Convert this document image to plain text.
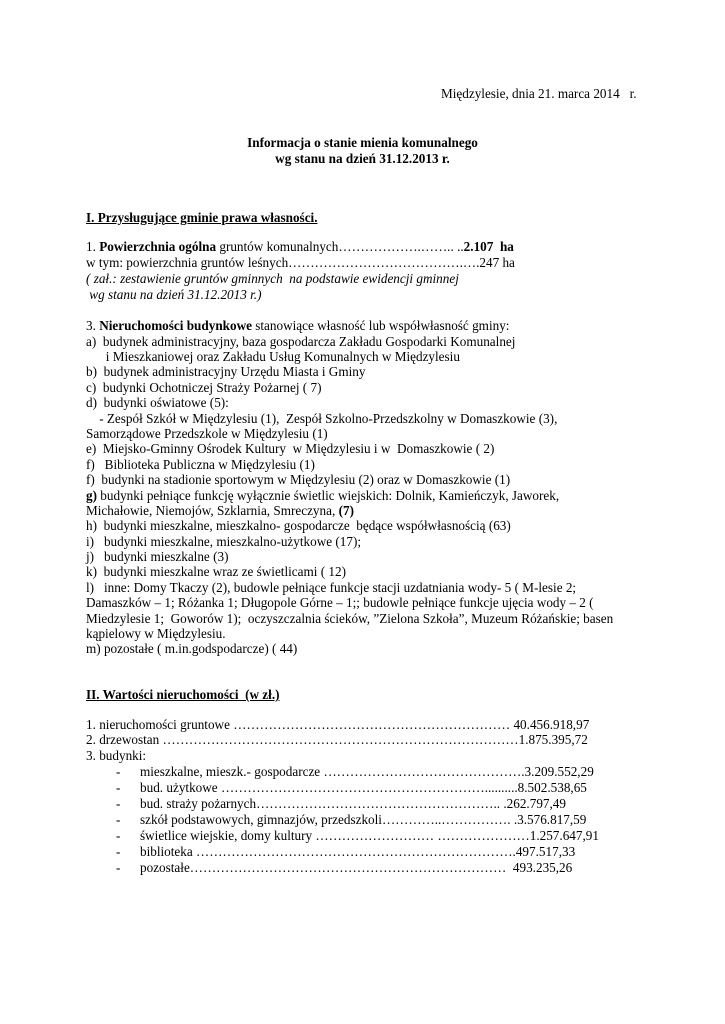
Międzylesie, dnia 21. marca 2014   r.
Informacja o stanie mienia komunalnego
wg stanu na dzień 31.12.2013 r.
I. Przysługujące gminie prawa własności.
1. Powierzchnia ogólna gruntów komunalnych……………….…….. ..2.107  ha
w tym: powierzchnia gruntów leśnych………………………………….….247 ha
( zał.: zestawienie gruntów gminnych  na podstawie ewidencji gminnej
wg stanu na dzień 31.12.2013 r.)
3. Nieruchomości budynkowe stanowiące własność lub współwłasność gminy:
a)  budynek administracyjny, baza gospodarcza Zakładu Gospodarki Komunalnej
i Mieszkaniowej oraz Zakładu Usług Komunalnych w Międzylesiu
b)  budynek administracyjny Urzędu Miasta i Gminy
c)  budynki Ochotniczej Straży Pożarnej ( 7)
d)  budynki oświatowe (5):
- Zespół Szkół w Międzylesiu (1),  Zespół Szkolno-Przedszkolny w Domaszkowie (3),
Samorządowe Przedszkole w Międzylesiu (1)
e)  Miejsko-Gminny Ośrodek Kultury  w Międzylesiu i w  Domaszkowie ( 2)
f)   Biblioteka Publiczna w Międzylesiu (1)
f)  budynki na stadionie sportowym w Międzylesiu (2) oraz w Domaszkowie (1)
g) budynki pełniące funkcję wyłącznie świetlic wiejskich: Dolnik, Kamieńczyk, Jaworek,
Michałowie, Niemojów, Szklarnia, Smreczyna, (7)
h)  budynki mieszkalne, mieszkalno- gospodarcze  będące współwłasnością (63)
i)   budynki mieszkalne, mieszkalno-użytkowe (17);
j)   budynki mieszkalne (3)
k)  budynki mieszkalne wraz ze świetlicami ( 12)
l)   inne: Domy Tkaczy (2), budowle pełniące funkcje stacji uzdatniania wody- 5 ( M-lesie 2;
Damaszków – 1; Różanka 1; Długopole Górne – 1;; budowle pełniące funkcje ujęcia wody – 2 (
Miedzylesie 1;  Goworów 1);  oczyszczalnia ścieków, ”Zielona Szkoła”, Muzeum Różańskie; basen
kąpielowy w Międzylesiu.
m) pozostałe ( m.in.godspodarcze) ( 44)
II. Wartości nieruchomości  (w zł.)
1. nieruchomości gruntowe ……………………………………………………… 40.456.918,97
2. drzewostan ………………………………………………………………………1.875.395,72
3. budynki:
- mieszkalne, mieszk.- gospodarcze ……………………………………….3.209.552,29
- bud. użytkowe ……………………………………………………..........8.502.538,65
- bud. straży pożarnych……………………………………………….. .262.797,49
- szkół podstawowych, gimnazjów, przedszkoli…………..……………. .3.576.817,59
- świetlice wiejskie, domy kultury ……………………… …………………1.257.647,91
- biblioteka ……………………………………………………………….497.517,33
- pozostałe………………………………………………………………  493.235,26
